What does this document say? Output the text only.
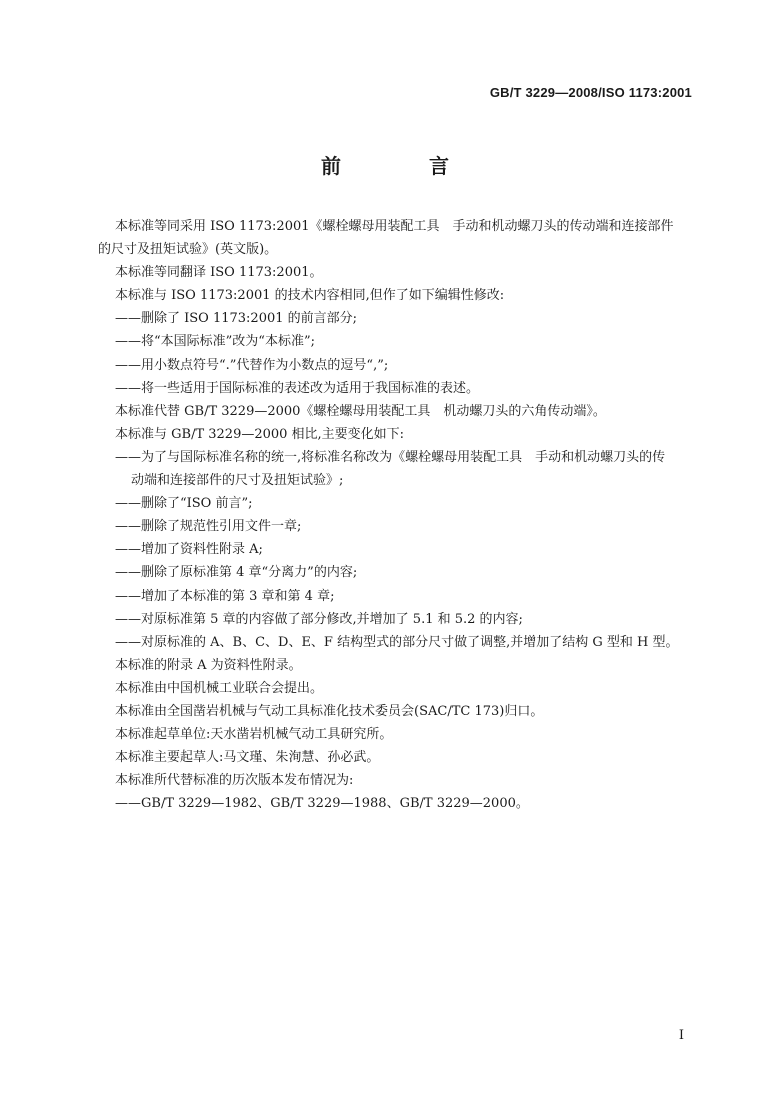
GB/T 3229—2008/ISO 1173:2001
前　言
本标准等同采用 ISO 1173:2001《螺栓螺母用装配工具　手动和机动螺刀头的传动端和连接部件
的尺寸及扭矩试验》(英文版)。
本标准等同翻译 ISO 1173:2001。
本标准与 ISO 1173:2001 的技术内容相同,但作了如下编辑性修改:
——删除了 ISO 1173:2001 的前言部分;
——将“本国际标准”改为“本标准”;
——用小数点符号“.”代替作为小数点的逗号“,”;
——将一些适用于国际标准的表述改为适用于我国标准的表述。
本标准代替 GB/T 3229—2000《螺栓螺母用装配工具　机动螺刀头的六角传动端》。
本标准与 GB/T 3229—2000 相比,主要变化如下:
——为了与国际标准名称的统一,将标准名称改为《螺栓螺母用装配工具　手动和机动螺刀头的传
动端和连接部件的尺寸及扭矩试验》;
——删除了“ISO 前言”;
——删除了规范性引用文件一章;
——增加了资料性附录 A;
——删除了原标准第 4 章“分离力”的内容;
——增加了本标准的第 3 章和第 4 章;
——对原标准第 5 章的内容做了部分修改,并增加了 5.1 和 5.2 的内容;
——对原标准的 A、B、C、D、E、F 结构型式的部分尺寸做了调整,并增加了结构 G 型和 H 型。
本标准的附录 A 为资料性附录。
本标准由中国机械工业联合会提出。
本标准由全国凿岩机械与气动工具标准化技术委员会(SAC/TC 173)归口。
本标准起草单位:天水凿岩机械气动工具研究所。
本标准主要起草人:马文瑾、朱洵慧、孙必武。
本标准所代替标准的历次版本发布情况为:
——GB/T 3229—1982、GB/T 3229—1988、GB/T 3229—2000。
I
